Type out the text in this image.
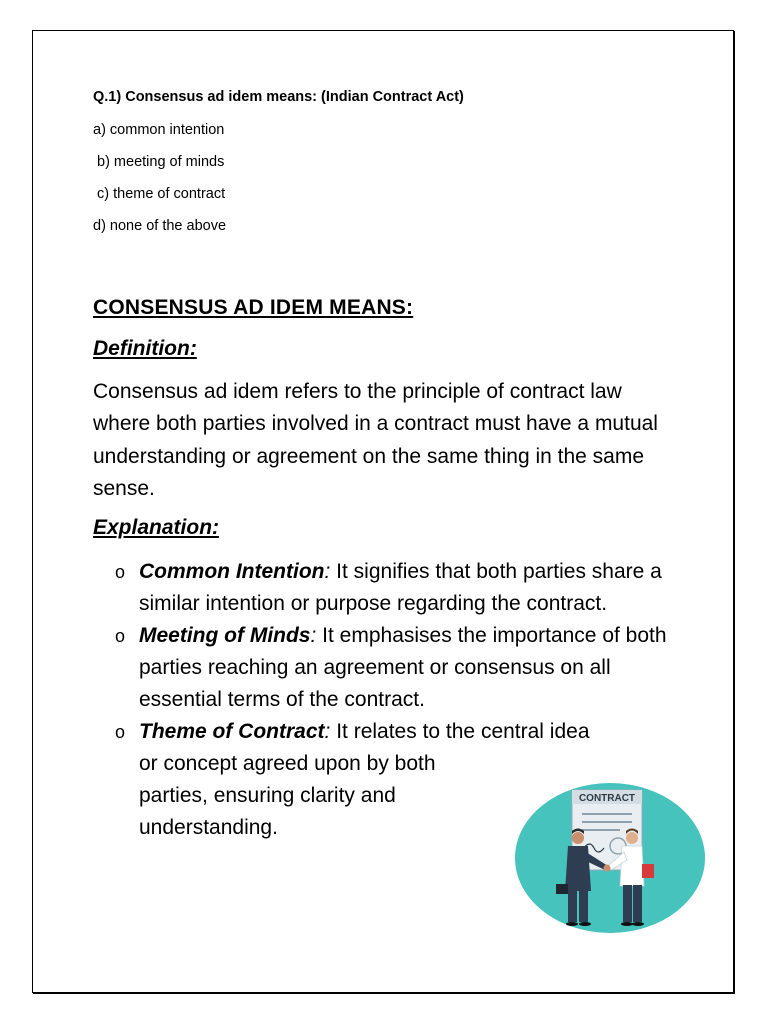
Q.1) Consensus ad idem means: (Indian Contract Act)
a) common intention
b) meeting of minds
c) theme of contract
d) none of the above
CONSENSUS AD IDEM MEANS:
Definition:
Consensus ad idem refers to the principle of contract law where both parties involved in a contract must have a mutual understanding or agreement on the same thing in the same sense.
Explanation:
o Common Intention: It signifies that both parties share a similar intention or purpose regarding the contract.
o Meeting of Minds: It emphasises the importance of both parties reaching an agreement or consensus on all essential terms of the contract.
o Theme of Contract: It relates to the central idea
or concept agreed upon by both
parties, ensuring clarity and
understanding.
CONTRACT
